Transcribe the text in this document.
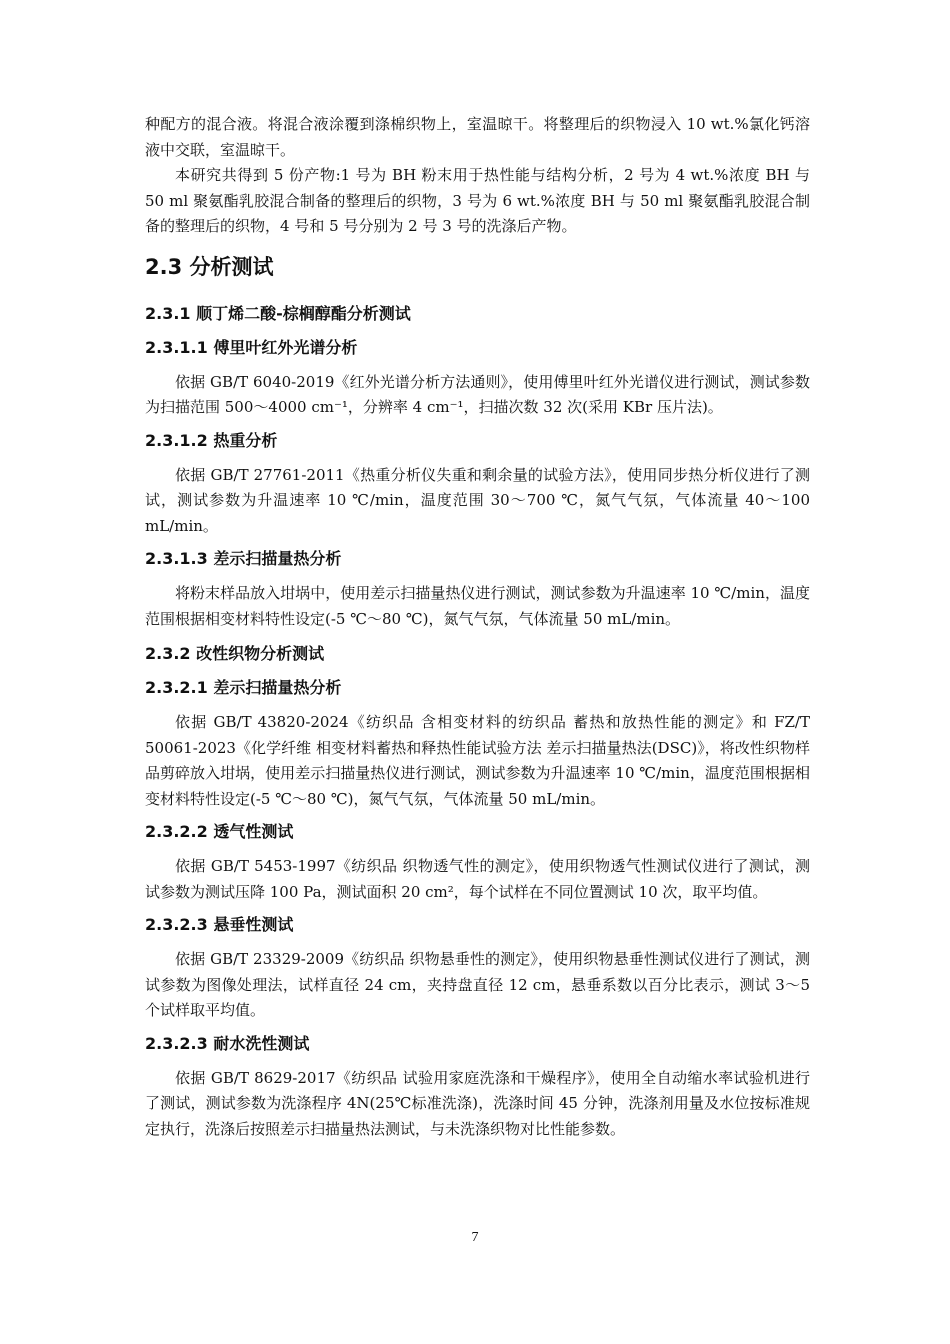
种配方的混合液。将混合液涂覆到涤棉织物上，室温晾干。将整理后的织物浸入 10 wt.%氯化钙溶液中交联，室温晾干。

本研究共得到 5 份产物:1 号为 BH 粉末用于热性能与结构分析，2 号为 4 wt.%浓度 BH 与 50 ml 聚氨酯乳胶混合制备的整理后的织物，3 号为 6 wt.%浓度 BH 与 50 ml 聚氨酯乳胶混合制备的整理后的织物，4 号和 5 号分别为 2 号 3 号的洗涤后产物。

2.3 分析测试
2.3.1 顺丁烯二酸-棕榈醇酯分析测试
2.3.1.1 傅里叶红外光谱分析

依据 GB/T 6040-2019《红外光谱分析方法通则》，使用傅里叶红外光谱仪进行测试，测试参数为扫描范围 500～4000 cm⁻¹，分辨率 4 cm⁻¹，扫描次数 32 次(采用 KBr 压片法)。

2.3.1.2 热重分析

依据 GB/T 27761-2011《热重分析仪失重和剩余量的试验方法》，使用同步热分析仪进行了测试，测试参数为升温速率 10 ℃/min，温度范围 30～700 ℃，氮气气氛，气体流量 40～100 mL/min。

2.3.1.3 差示扫描量热分析

将粉末样品放入坩埚中，使用差示扫描量热仪进行测试，测试参数为升温速率 10 ℃/min，温度范围根据相变材料特性设定(-5 ℃～80 ℃)，氮气气氛，气体流量 50 mL/min。

2.3.2 改性织物分析测试
2.3.2.1 差示扫描量热分析

依据 GB/T 43820-2024《纺织品 含相变材料的纺织品 蓄热和放热性能的测定》和 FZ/T 50061-2023《化学纤维 相变材料蓄热和释热性能试验方法 差示扫描量热法(DSC)》，将改性织物样品剪碎放入坩埚，使用差示扫描量热仪进行测试，测试参数为升温速率 10 ℃/min，温度范围根据相变材料特性设定(-5 ℃～80 ℃)，氮气气氛，气体流量 50 mL/min。

2.3.2.2 透气性测试

依据 GB/T 5453-1997《纺织品 织物透气性的测定》，使用织物透气性测试仪进行了测试，测试参数为测试压降 100 Pa，测试面积 20 cm²，每个试样在不同位置测试 10 次，取平均值。

2.3.2.3 悬垂性测试

依据 GB/T 23329-2009《纺织品 织物悬垂性的测定》，使用织物悬垂性测试仪进行了测试，测试参数为图像处理法，试样直径 24 cm，夹持盘直径 12 cm，悬垂系数以百分比表示，测试 3～5 个试样取平均值。

2.3.2.3 耐水洗性测试

依据 GB/T 8629-2017《纺织品 试验用家庭洗涤和干燥程序》，使用全自动缩水率试验机进行了测试，测试参数为洗涤程序 4N(25℃标准洗涤)，洗涤时间 45 分钟，洗涤剂用量及水位按标准规定执行，洗涤后按照差示扫描量热法测试，与未洗涤织物对比性能参数。

7
